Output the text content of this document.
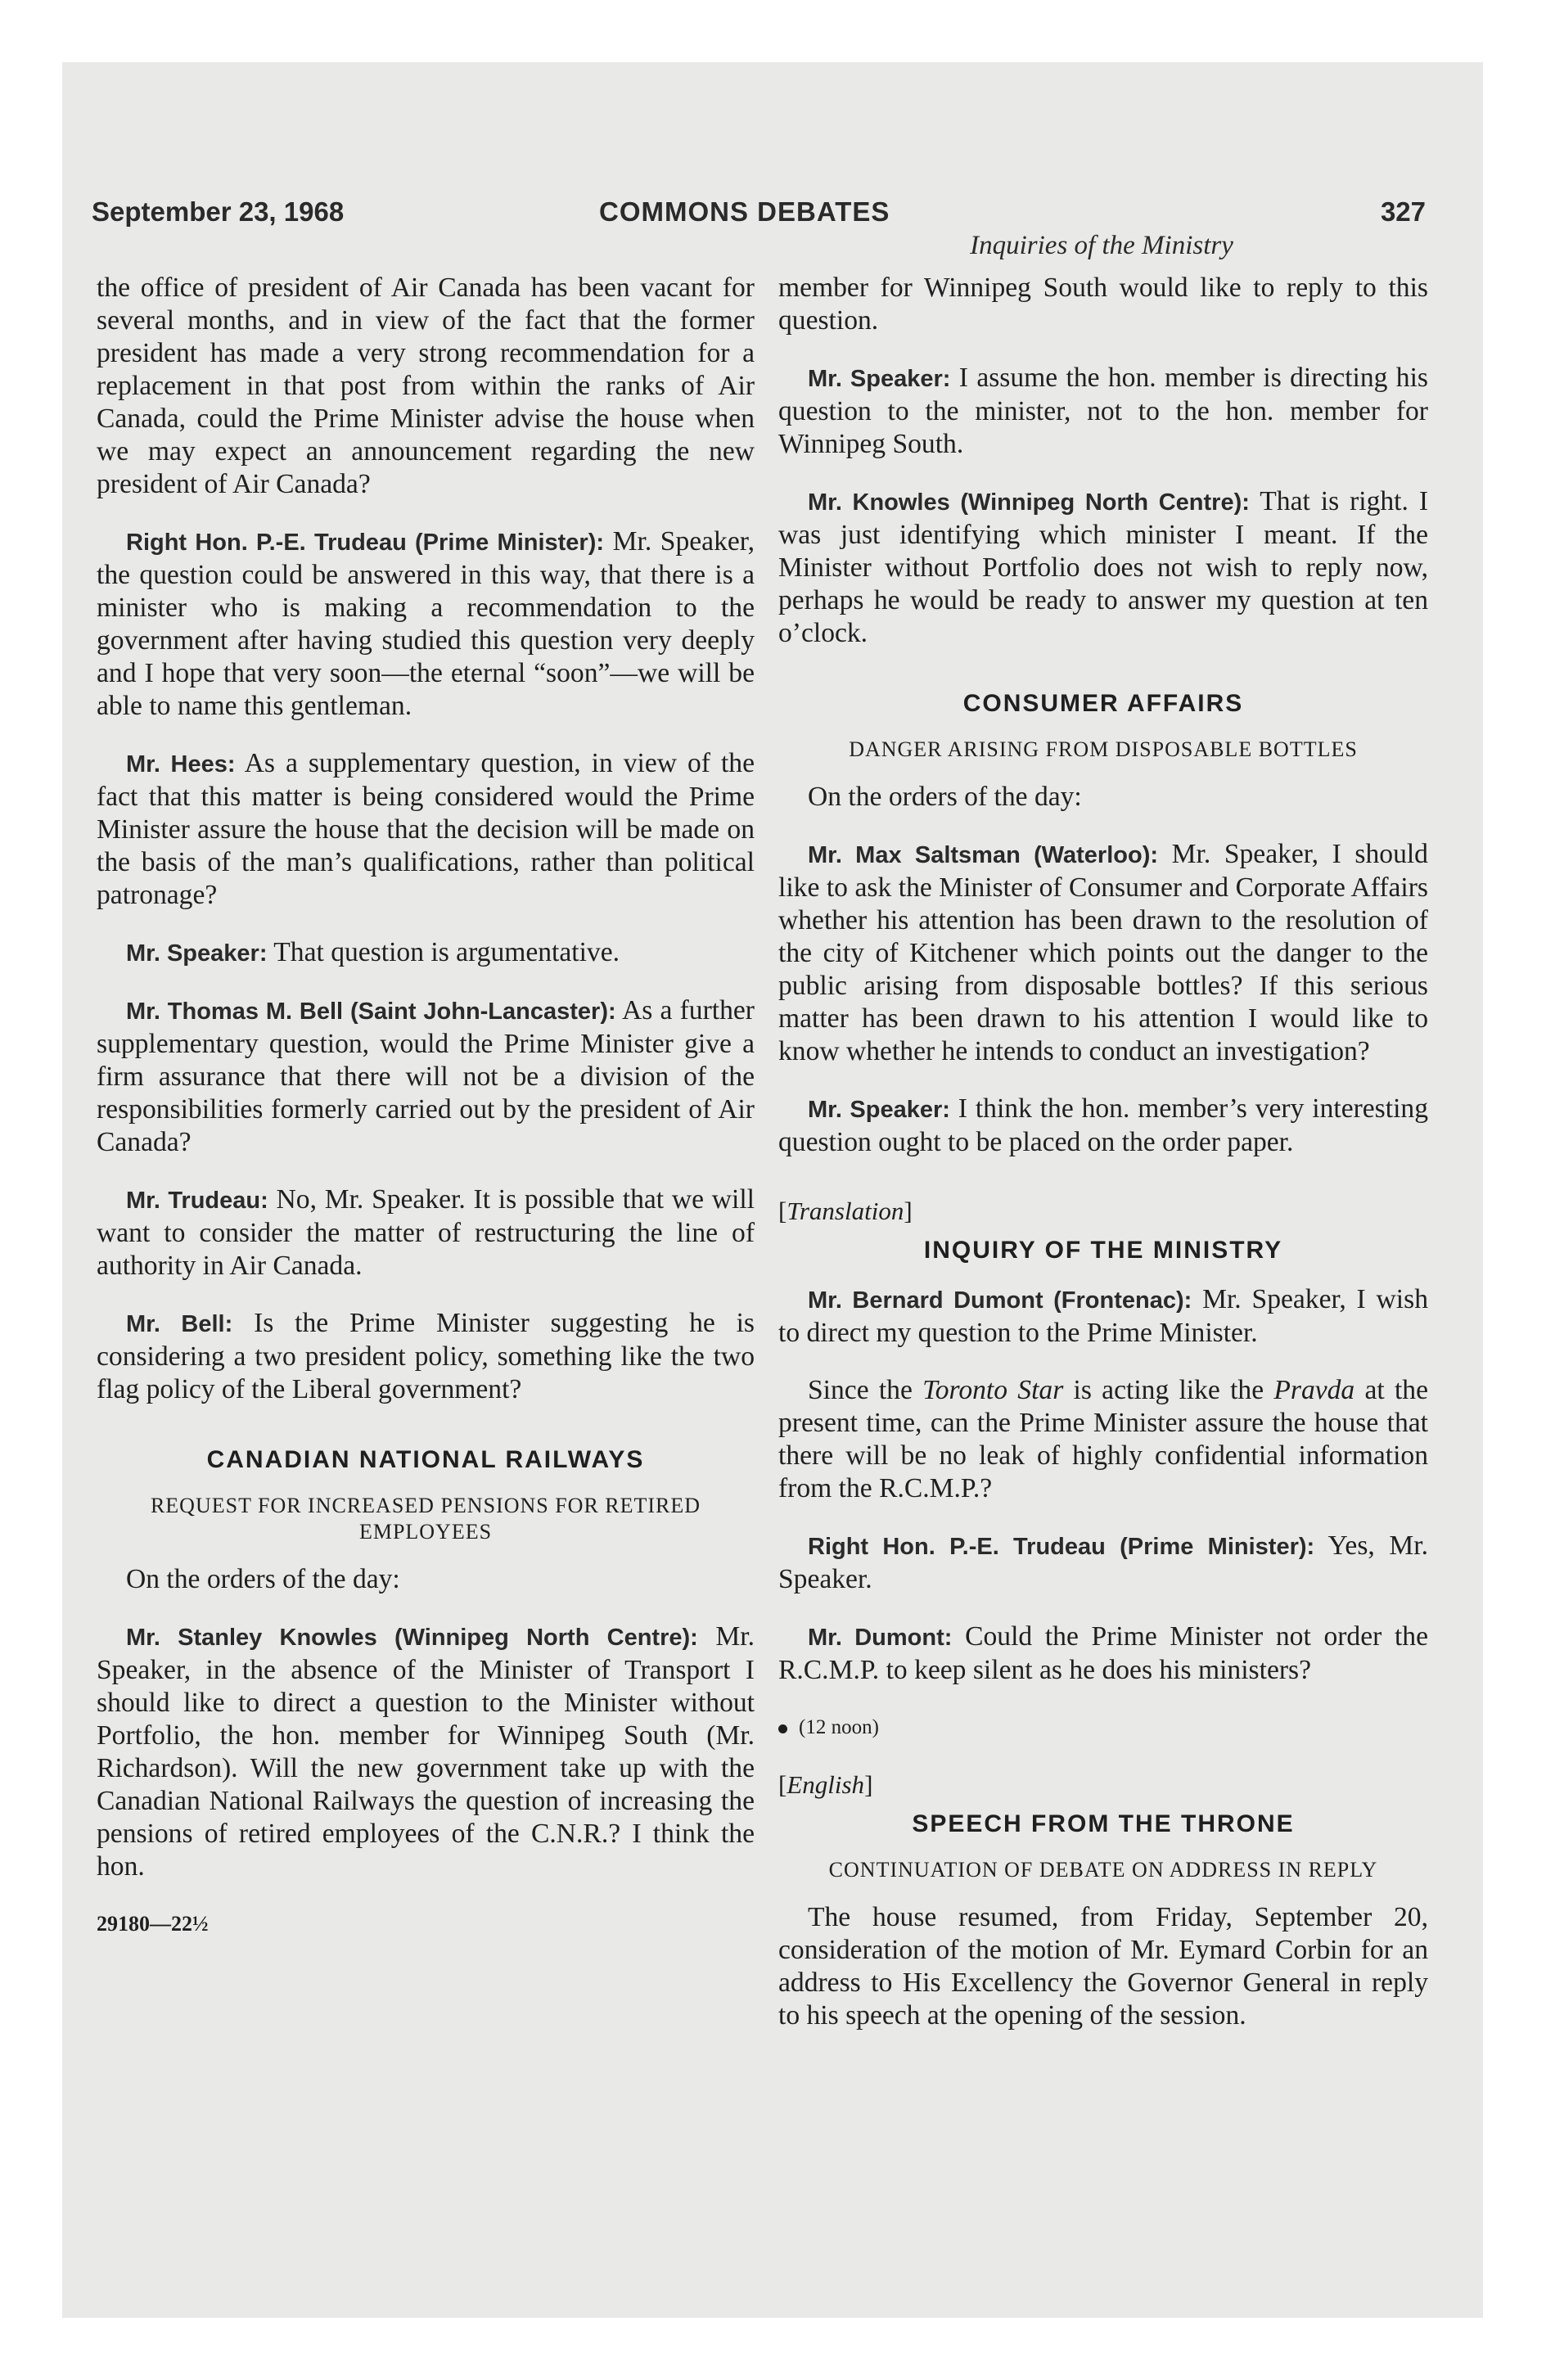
September 23, 1968	COMMONS DEBATES	327
Inquiries of the Ministry

the office of president of Air Canada has been vacant for several months, and in view of the fact that the former president has made a very strong recommendation for a replacement in that post from within the ranks of Air Canada, could the Prime Minister advise the house when we may expect an announcement regarding the new president of Air Canada?

Right Hon. P.-E. Trudeau (Prime Minister): Mr. Speaker, the question could be answered in this way, that there is a minister who is making a recommendation to the government after having studied this question very deeply and I hope that very soon—the eternal “soon”—we will be able to name this gentleman.

Mr. Hees: As a supplementary question, in view of the fact that this matter is being considered would the Prime Minister assure the house that the decision will be made on the basis of the man’s qualifications, rather than political patronage?

Mr. Speaker: That question is argumentative.

Mr. Thomas M. Bell (Saint John-Lancaster): As a further supplementary question, would the Prime Minister give a firm assurance that there will not be a division of the responsibilities formerly carried out by the president of Air Canada?

Mr. Trudeau: No, Mr. Speaker. It is possible that we will want to consider the matter of restructuring the line of authority in Air Canada.

Mr. Bell: Is the Prime Minister suggesting he is considering a two president policy, something like the two flag policy of the Liberal government?

CANADIAN NATIONAL RAILWAYS
REQUEST FOR INCREASED PENSIONS FOR RETIRED EMPLOYEES

On the orders of the day:

Mr. Stanley Knowles (Winnipeg North Centre): Mr. Speaker, in the absence of the Minister of Transport I should like to direct a question to the Minister without Portfolio, the hon. member for Winnipeg South (Mr. Richardson). Will the new government take up with the Canadian National Railways the question of increasing the pensions of retired employees of the C.N.R.? I think the hon.

29180—22½

member for Winnipeg South would like to reply to this question.

Mr. Speaker: I assume the hon. member is directing his question to the minister, not to the hon. member for Winnipeg South.

Mr. Knowles (Winnipeg North Centre): That is right. I was just identifying which minister I meant. If the Minister without Portfolio does not wish to reply now, perhaps he would be ready to answer my question at ten o’clock.

CONSUMER AFFAIRS
DANGER ARISING FROM DISPOSABLE BOTTLES

On the orders of the day:

Mr. Max Saltsman (Waterloo): Mr. Speaker, I should like to ask the Minister of Consumer and Corporate Affairs whether his attention has been drawn to the resolution of the city of Kitchener which points out the danger to the public arising from disposable bottles? If this serious matter has been drawn to his attention I would like to know whether he intends to conduct an investigation?

Mr. Speaker: I think the hon. member’s very interesting question ought to be placed on the order paper.

[Translation]
INQUIRY OF THE MINISTRY

Mr. Bernard Dumont (Frontenac): Mr. Speaker, I wish to direct my question to the Prime Minister.

Since the Toronto Star is acting like the Pravda at the present time, can the Prime Minister assure the house that there will be no leak of highly confidential information from the R.C.M.P.?

Right Hon. P.-E. Trudeau (Prime Minister): Yes, Mr. Speaker.

Mr. Dumont: Could the Prime Minister not order the R.C.M.P. to keep silent as he does his ministers?

(12 noon)
[English]
SPEECH FROM THE THRONE
CONTINUATION OF DEBATE ON ADDRESS IN REPLY

The house resumed, from Friday, September 20, consideration of the motion of Mr. Eymard Corbin for an address to His Excellency the Governor General in reply to his speech at the opening of the session.
